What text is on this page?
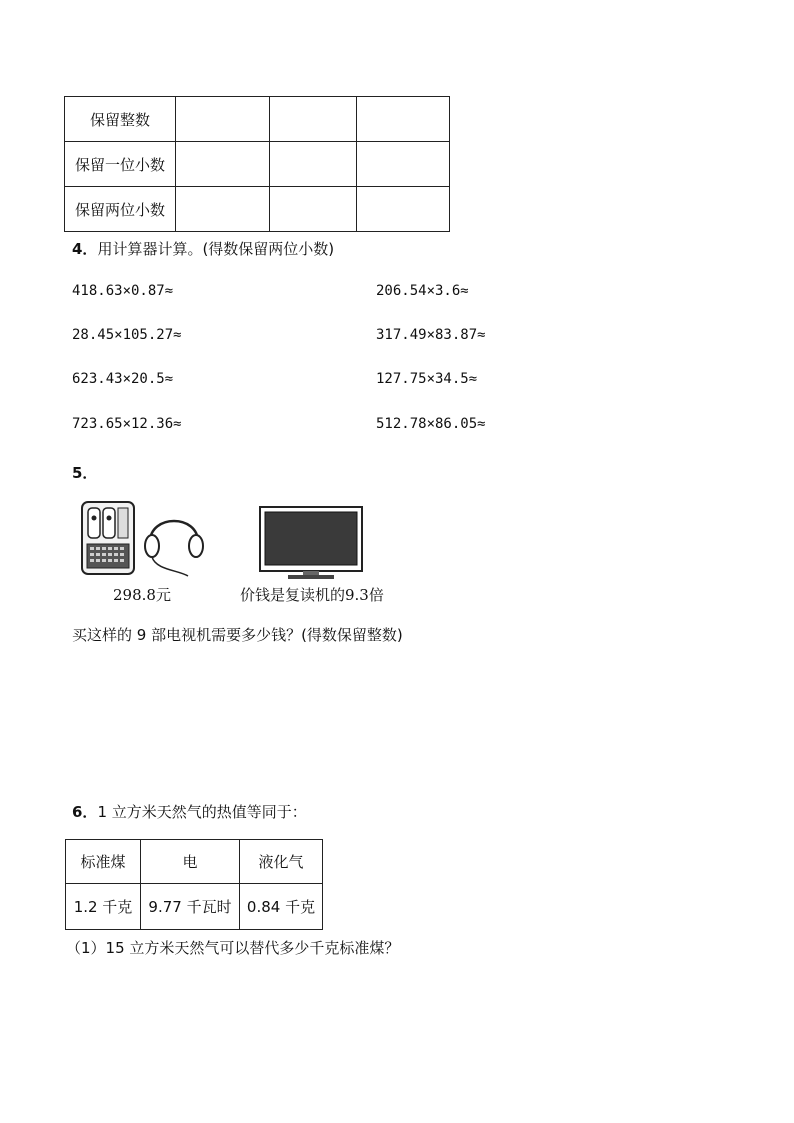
保留整数			
保留一位小数			
保留两位小数			
4．用计算器计算。(得数保留两位小数)
418.63×0.87≈	206.54×3.6≈
28.45×105.27≈	317.49×83.87≈
623.43×20.5≈	127.75×34.5≈
723.65×12.36≈	512.78×86.05≈
5．
298.8元	价钱是复读机的9.3倍
买这样的 9 部电视机需要多少钱？(得数保留整数)
6．1 立方米天然气的热值等同于：
标准煤	电	液化气
1.2 千克	9.77 千瓦时	0.84 千克
（1）15 立方米天然气可以替代多少千克标准煤？
